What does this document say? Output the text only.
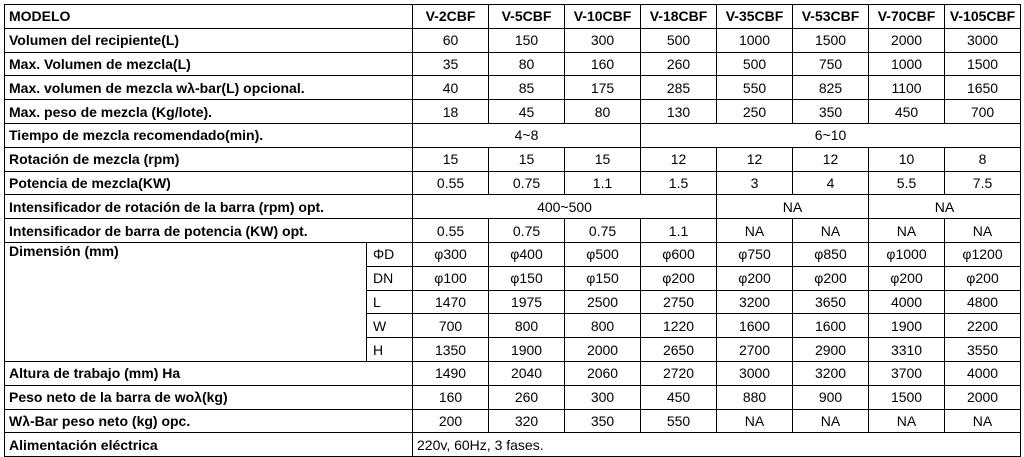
MODELO		V-2CBF	V-5CBF	V-10CBF	V-18CBF	V-35CBF	V-53CBF	V-70CBF	V-105CBF
Volumen del recipiente(L)		60	150	300	500	1000	1500	2000	3000
Max. Volumen de mezcla(L)		35	80	160	260	500	750	1000	1500
Max. volumen de mezcla wλ-bar(L) opcional.		40	85	175	285	550	825	1100	1650
Max. peso de mezcla (Kg/lote).		18	45	80	130	250	350	450	700
Tiempo de mezcla recomendado(min).		4~8			6~10				
Rotación de mezcla (rpm)		15	15	15	12	12	12	10	8
Potencia de mezcla(KW)		0.55	0.75	1.1	1.5	3	4	5.5	7.5
Intensificador de rotación de la barra (rpm) opt.		400~500				NA		NA	
Intensificador de barra de potencia (KW) opt.		0.55	0.75	0.75	1.1	NA	NA	NA	NA
Dimensión (mm)	ΦD	φ300	φ400	φ500	φ600	φ750	φ850	φ1000	φ1200
	DN	φ100	φ150	φ150	φ200	φ200	φ200	φ200	φ200
	L	1470	1975	2500	2750	3200	3650	4000	4800
	W	700	800	800	1220	1600	1600	1900	2200
	H	1350	1900	2000	2650	2700	2900	3310	3550
Altura de trabajo (mm) Ha		1490	2040	2060	2720	3000	3200	3700	4000
Peso neto de la barra de woλ(kg)		160	260	300	450	880	900	1500	2000
Wλ-Bar peso neto (kg) opc.		200	320	350	550	NA	NA	NA	NA
Alimentación eléctrica		220v, 60Hz, 3 fases.							
